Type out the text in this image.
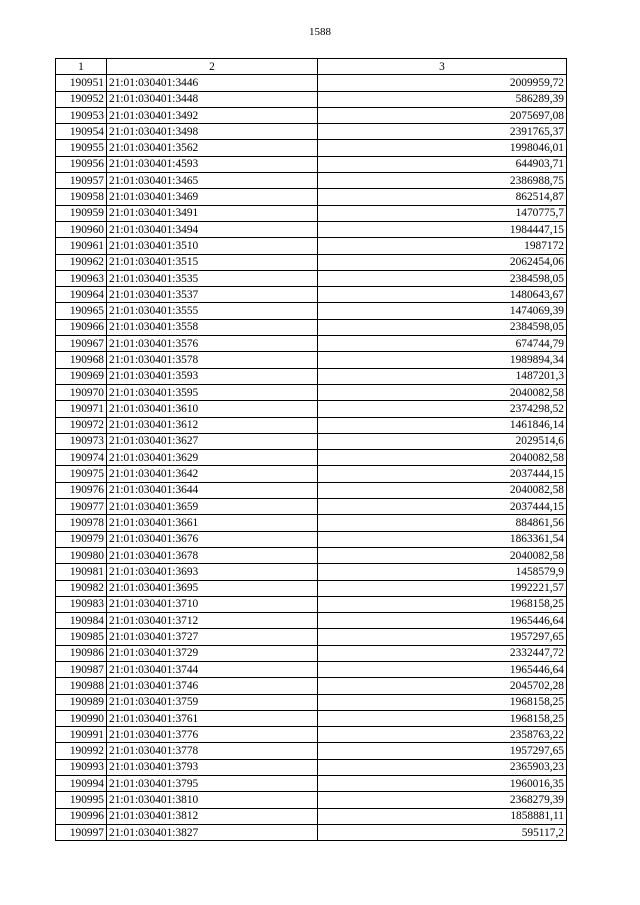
1588
1	2	3
190951	21:01:030401:3446	2009959,72
190952	21:01:030401:3448	586289,39
190953	21:01:030401:3492	2075697,08
190954	21:01:030401:3498	2391765,37
190955	21:01:030401:3562	1998046,01
190956	21:01:030401:4593	644903,71
190957	21:01:030401:3465	2386988,75
190958	21:01:030401:3469	862514,87
190959	21:01:030401:3491	1470775,7
190960	21:01:030401:3494	1984447,15
190961	21:01:030401:3510	1987172
190962	21:01:030401:3515	2062454,06
190963	21:01:030401:3535	2384598,05
190964	21:01:030401:3537	1480643,67
190965	21:01:030401:3555	1474069,39
190966	21:01:030401:3558	2384598,05
190967	21:01:030401:3576	674744,79
190968	21:01:030401:3578	1989894,34
190969	21:01:030401:3593	1487201,3
190970	21:01:030401:3595	2040082,58
190971	21:01:030401:3610	2374298,52
190972	21:01:030401:3612	1461846,14
190973	21:01:030401:3627	2029514,6
190974	21:01:030401:3629	2040082,58
190975	21:01:030401:3642	2037444,15
190976	21:01:030401:3644	2040082,58
190977	21:01:030401:3659	2037444,15
190978	21:01:030401:3661	884861,56
190979	21:01:030401:3676	1863361,54
190980	21:01:030401:3678	2040082,58
190981	21:01:030401:3693	1458579,9
190982	21:01:030401:3695	1992221,57
190983	21:01:030401:3710	1968158,25
190984	21:01:030401:3712	1965446,64
190985	21:01:030401:3727	1957297,65
190986	21:01:030401:3729	2332447,72
190987	21:01:030401:3744	1965446,64
190988	21:01:030401:3746	2045702,28
190989	21:01:030401:3759	1968158,25
190990	21:01:030401:3761	1968158,25
190991	21:01:030401:3776	2358763,22
190992	21:01:030401:3778	1957297,65
190993	21:01:030401:3793	2365903,23
190994	21:01:030401:3795	1960016,35
190995	21:01:030401:3810	2368279,39
190996	21:01:030401:3812	1858881,11
190997	21:01:030401:3827	595117,2
